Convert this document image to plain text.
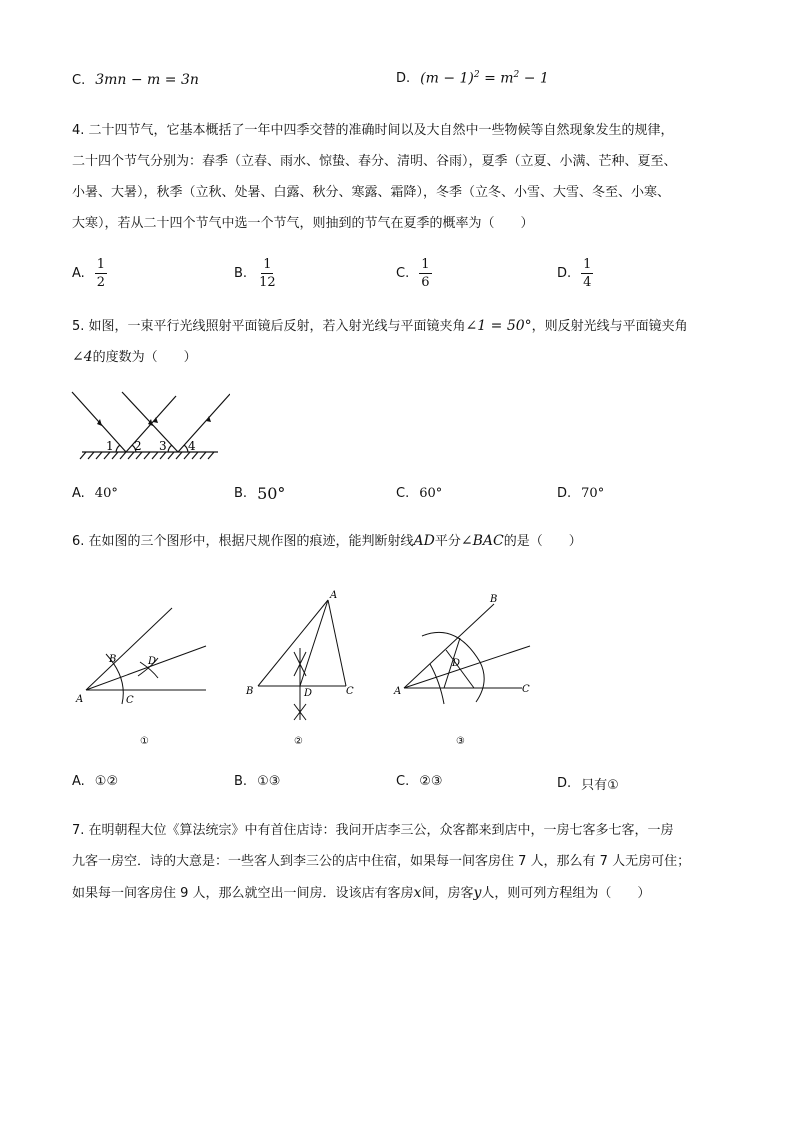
C. 3mn − m = 3n	D. $(m - 1)^2 = m^2 - 1$
4. 二十四节气，它基本概括了一年中四季交替的准确时间以及大自然中一些物候等自然现象发生的规律，
二十四个节气分别为：春季（立春、雨水、惊蛰、春分、清明、谷雨），夏季（立夏、小满、芒种、夏至、
小暑、大暑），秋季（立秋、处暑、白露、秋分、寒露、霜降），冬季（立冬、小雪、大雪、冬至、小寒、
大寒），若从二十四个节气中选一个节气，则抽到的节气在夏季的概率为（　　）
A. $\frac{1}{2}$	B. $\frac{1}{12}$	C. $\frac{1}{6}$	D. $\frac{1}{4}$
5. 如图，一束平行光线照射平面镜后反射，若入射光线与平面镜夹角∠1 = 50°，则反射光线与平面镜夹角
∠4的度数为（　　）
1 2 3 4
A. 40°	B. 50°	C. 60°	D. 70°
6. 在如图的三个图形中，根据尺规作图的痕迹，能判断射线AD平分∠BAC的是（　　）
B	D
A	C
①
A
B	D	C
②
B
D
A	C
③
A. ①②	B. ①③	C. ②③	D. 只有①
7. 在明朝程大位《算法统宗》中有首住店诗：我问开店李三公，众客都来到店中，一房七客多七客，一房
九客一房空．诗的大意是：一些客人到李三公的店中住宿，如果每一间客房住 7 人，那么有 7 人无房可住；
如果每一间客房住 9 人，那么就空出一间房．设该店有客房x间，房客y人，则可列方程组为（　　）
